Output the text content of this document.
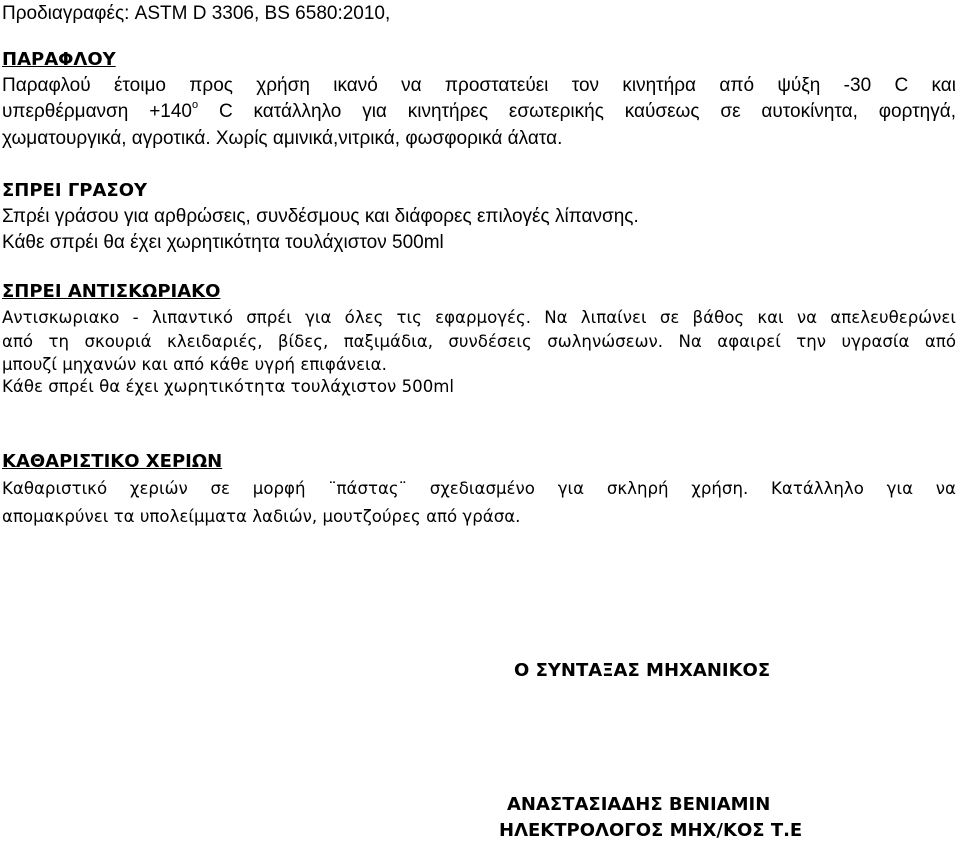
Προδιαγραφές: ASTM D 3306, BS 6580:2010,
ΠΑΡΑΦΛΟΥ
Παραφλού έτοιμο προς χρήση ικανό να προστατεύει τον κινητήρα από ψύξη -30 C και
$\upsilon\pi\varepsilon\rho\theta έ\rho\mu\alpha\nu\sigma\eta +140^o$ C κατάλληλο για κινητήρες εσωτερικής καύσεως σε αυτοκίνητα, φορτηγά,
χωματουργικά, αγροτικά. Χωρίς αμινικά,νιτρικά, φωσφορικά άλατα.
ΣΠΡΕΙ ΓΡΑΣΟΥ
Σπρέι γράσου για αρθρώσεις, συνδέσμους και διάφορες επιλογές λίπανσης.
Κάθε σπρέι θα έχει χωρητικότητα τουλάχιστον 500ml
ΣΠΡΕΙ ΑΝΤΙΣΚΩΡΙΑΚΟ
Αντισκωριακο - λιπαντικό σπρέι για όλες τις εφαρμογές. Να λιπαίνει σε βάθος και να απελευθερώνει
από τη σκουριά κλειδαριές, βίδες, παξιμάδια, συνδέσεις σωληνώσεων. Να αφαιρεί την υγρασία από
μπουζί μηχανών και από κάθε υγρή επιφάνεια.
Κάθε σπρέι θα έχει χωρητικότητα τουλάχιστον 500ml
ΚΑΘΑΡΙΣΤΙΚΟ ΧΕΡΙΩΝ
Καθαριστικό χεριών σε μορφή ¨πάστας¨ σχεδιασμένο για σκληρή χρήση. Κατάλληλο για να
απομακρύνει τα υπολείμματα λαδιών, μουτζούρες από γράσα.
Ο ΣΥΝΤΑΞΑΣ ΜΗΧΑΝΙΚΟΣ
ΑΝΑΣΤΑΣΙΑΔΗΣ ΒΕΝΙΑΜΙΝ
ΗΛΕΚΤΡΟΛΟΓΟΣ ΜΗΧ/ΚΟΣ Τ.Ε
